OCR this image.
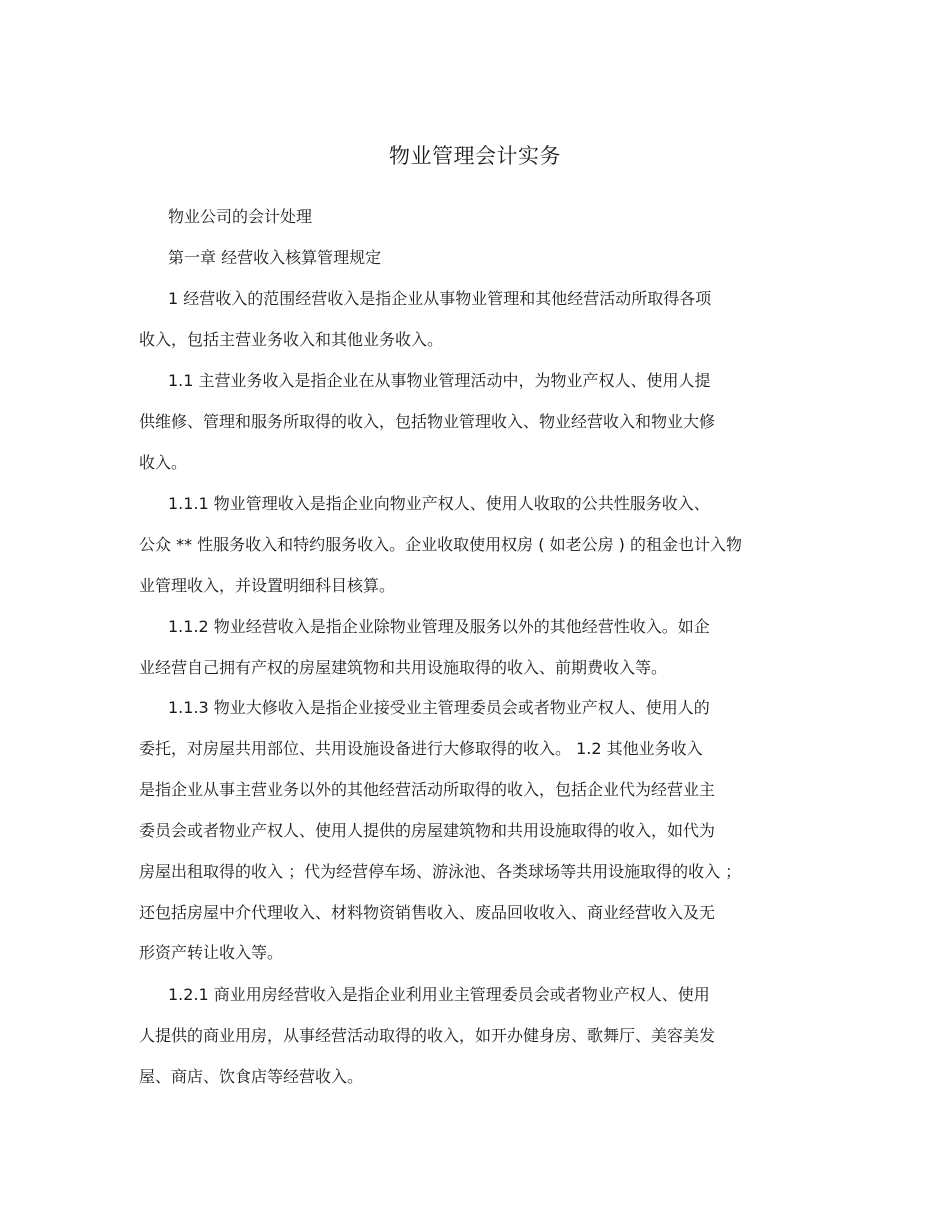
物业管理会计实务
物业公司的会计处理
第一章 经营收入核算管理规定
1 经营收入的范围经营收入是指企业从事物业管理和其他经营活动所取得各项
收入，包括主营业务收入和其他业务收入。
1.1 主营业务收入是指企业在从事物业管理活动中，为物业产权人、使用人提
供维修、管理和服务所取得的收入，包括物业管理收入、物业经营收入和物业大修
收入。
1.1.1 物业管理收入是指企业向物业产权人、使用人收取的公共性服务收入、
公众 ** 性服务收入和特约服务收入。企业收取使用权房 ( 如老公房 ) 的租金也计入物
业管理收入，并设置明细科目核算。
1.1.2 物业经营收入是指企业除物业管理及服务以外的其他经营性收入。如企
业经营自己拥有产权的房屋建筑物和共用设施取得的收入、前期费收入等。
1.1.3 物业大修收入是指企业接受业主管理委员会或者物业产权人、使用人的
委托，对房屋共用部位、共用设施设备进行大修取得的收入。 1.2 其他业务收入
是指企业从事主营业务以外的其他经营活动所取得的收入，包括企业代为经营业主
委员会或者物业产权人、使用人提供的房屋建筑物和共用设施取得的收入，如代为
房屋出租取得的收入 ；代为经营停车场、游泳池、各类球场等共用设施取得的收入 ；
还包括房屋中介代理收入、材料物资销售收入、废品回收收入、商业经营收入及无
形资产转让收入等。
1.2.1 商业用房经营收入是指企业利用业主管理委员会或者物业产权人、使用
人提供的商业用房，从事经营活动取得的收入，如开办健身房、歌舞厅、美容美发
屋、商店、饮食店等经营收入。
